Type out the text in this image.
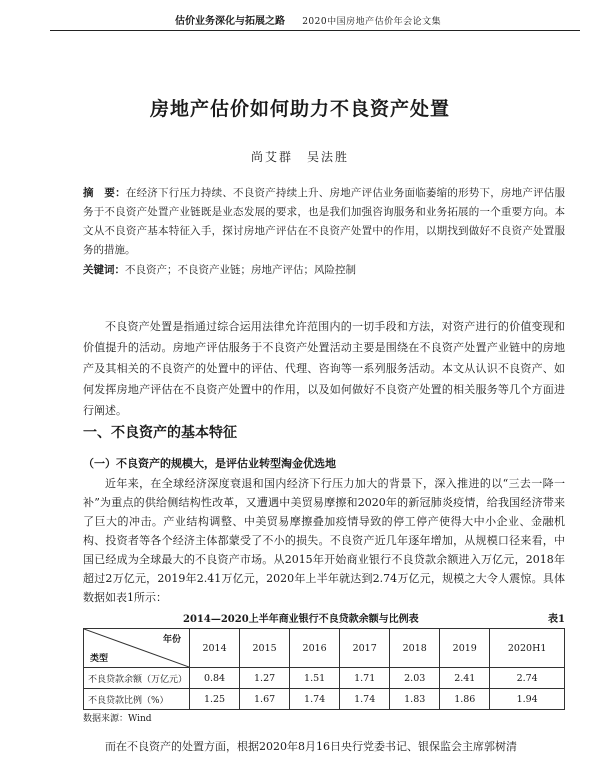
估价业务深化与拓展之路 2020中国房地产估价年会论文集
房地产估价如何助力不良资产处置
尚艾群　吴法胜
摘　要：在经济下行压力持续、不良资产持续上升、房地产评估业务面临萎缩的形势下，房地产评估服务于不良资产处置产业链既是业态发展的要求，也是我们加强咨询服务和业务拓展的一个重要方向。本文从不良资产基本特征入手，探讨房地产评估在不良资产处置中的作用，以期找到做好不良资产处置服务的措施。
关键词：不良资产；不良资产业链；房地产评估；风险控制

不良资产处置是指通过综合运用法律允许范围内的一切手段和方法，对资产进行的价值变现和价值提升的活动。房地产评估服务于不良资产处置活动主要是围绕在不良资产处置产业链中的房地产及其相关的不良资产的处置中的评估、代理、咨询等一系列服务活动。本文从认识不良资产、如何发挥房地产评估在不良资产处置中的作用，以及如何做好不良资产处置的相关服务等几个方面进行阐述。

一、不良资产的基本特征
（一）不良资产的规模大，是评估业转型淘金优选地

近年来，在全球经济深度衰退和国内经济下行压力加大的背景下，深入推进的以“三去一降一补”为重点的供给侧结构性改革，又遭遇中美贸易摩擦和2020年的新冠肺炎疫情，给我国经济带来了巨大的冲击。产业结构调整、中美贸易摩擦叠加疫情导致的停工停产使得大中小企业、金融机构、投资者等各个经济主体都蒙受了不小的损失。不良资产近几年逐年增加，从规模口径来看，中国已经成为全球最大的不良资产市场。从2015年开始商业银行不良贷款余额进入万亿元，2018年超过2万亿元，2019年2.41万亿元，2020年上半年就达到2.74万亿元，规模之大令人震惊。具体数据如表1所示：

2014—2020上半年商业银行不良贷款余额与比例表	表1
年份
类型	2014	2015	2016	2017	2018	2019	2020H1
不良贷款余额（万亿元）	0.84	1.27	1.51	1.71	2.03	2.41	2.74
不良贷款比例（%）	1.25	1.67	1.74	1.74	1.83	1.86	1.94
数据来源：Wind
而在不良资产的处置方面，根据2020年8月16日央行党委书记、银保监会主席郭树清
